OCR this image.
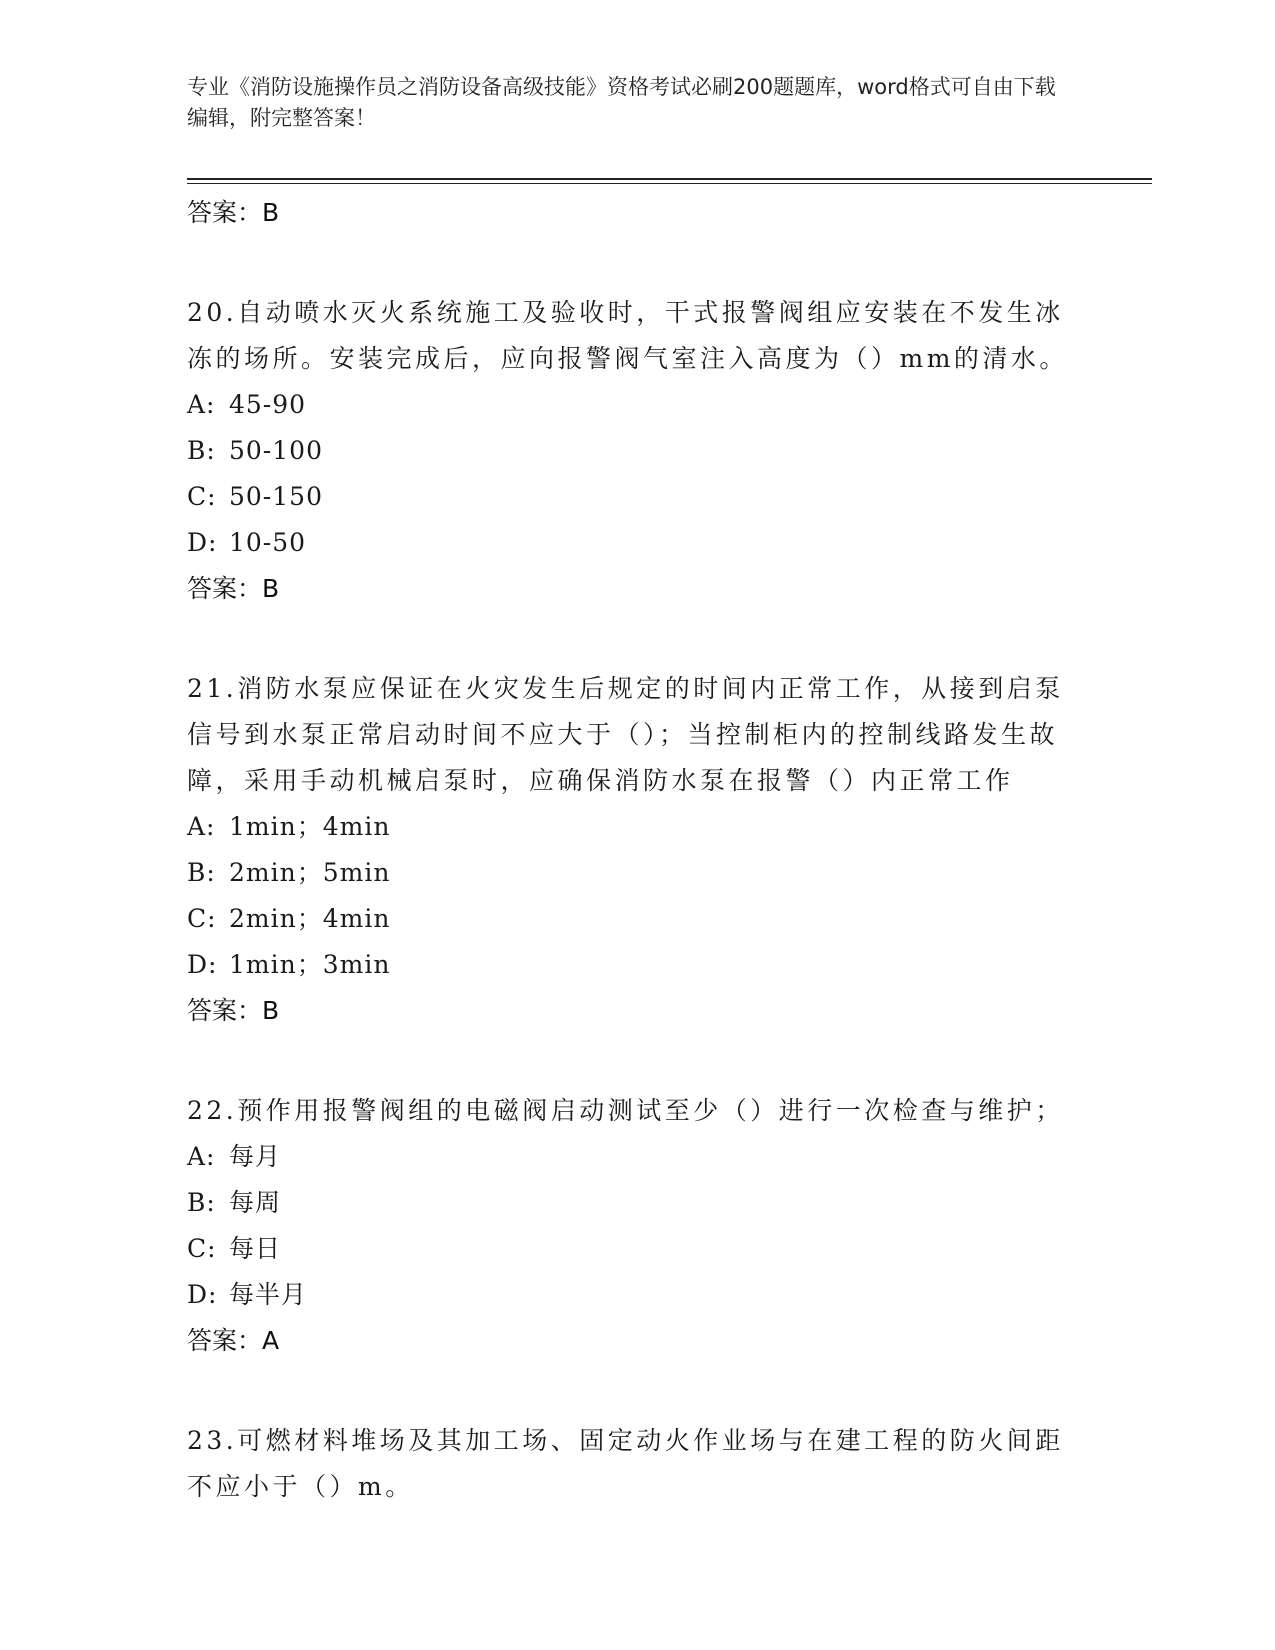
专业《消防设施操作员之消防设备高级技能》资格考试必刷200题题库，word格式可自由下载编辑，附完整答案！
答案：B
20.自动喷水灭火系统施工及验收时，干式报警阀组应安装在不发生冰冻的场所。安装完成后，应向报警阀气室注入高度为（）mm的清水。
A: 45-90
B: 50-100
C: 50-150
D: 10-50
答案：B
21.消防水泵应保证在火灾发生后规定的时间内正常工作，从接到启泵信号到水泵正常启动时间不应大于（）；当控制柜内的控制线路发生故障，采用手动机械启泵时，应确保消防水泵在报警（）内正常工作
A: 1min；4min
B: 2min；5min
C: 2min；4min
D: 1min；3min
答案：B
22.预作用报警阀组的电磁阀启动测试至少（）进行一次检查与维护；
A: 每月
B: 每周
C: 每日
D: 每半月
答案：A
23.可燃材料堆场及其加工场、固定动火作业场与在建工程的防火间距不应小于（）m。
